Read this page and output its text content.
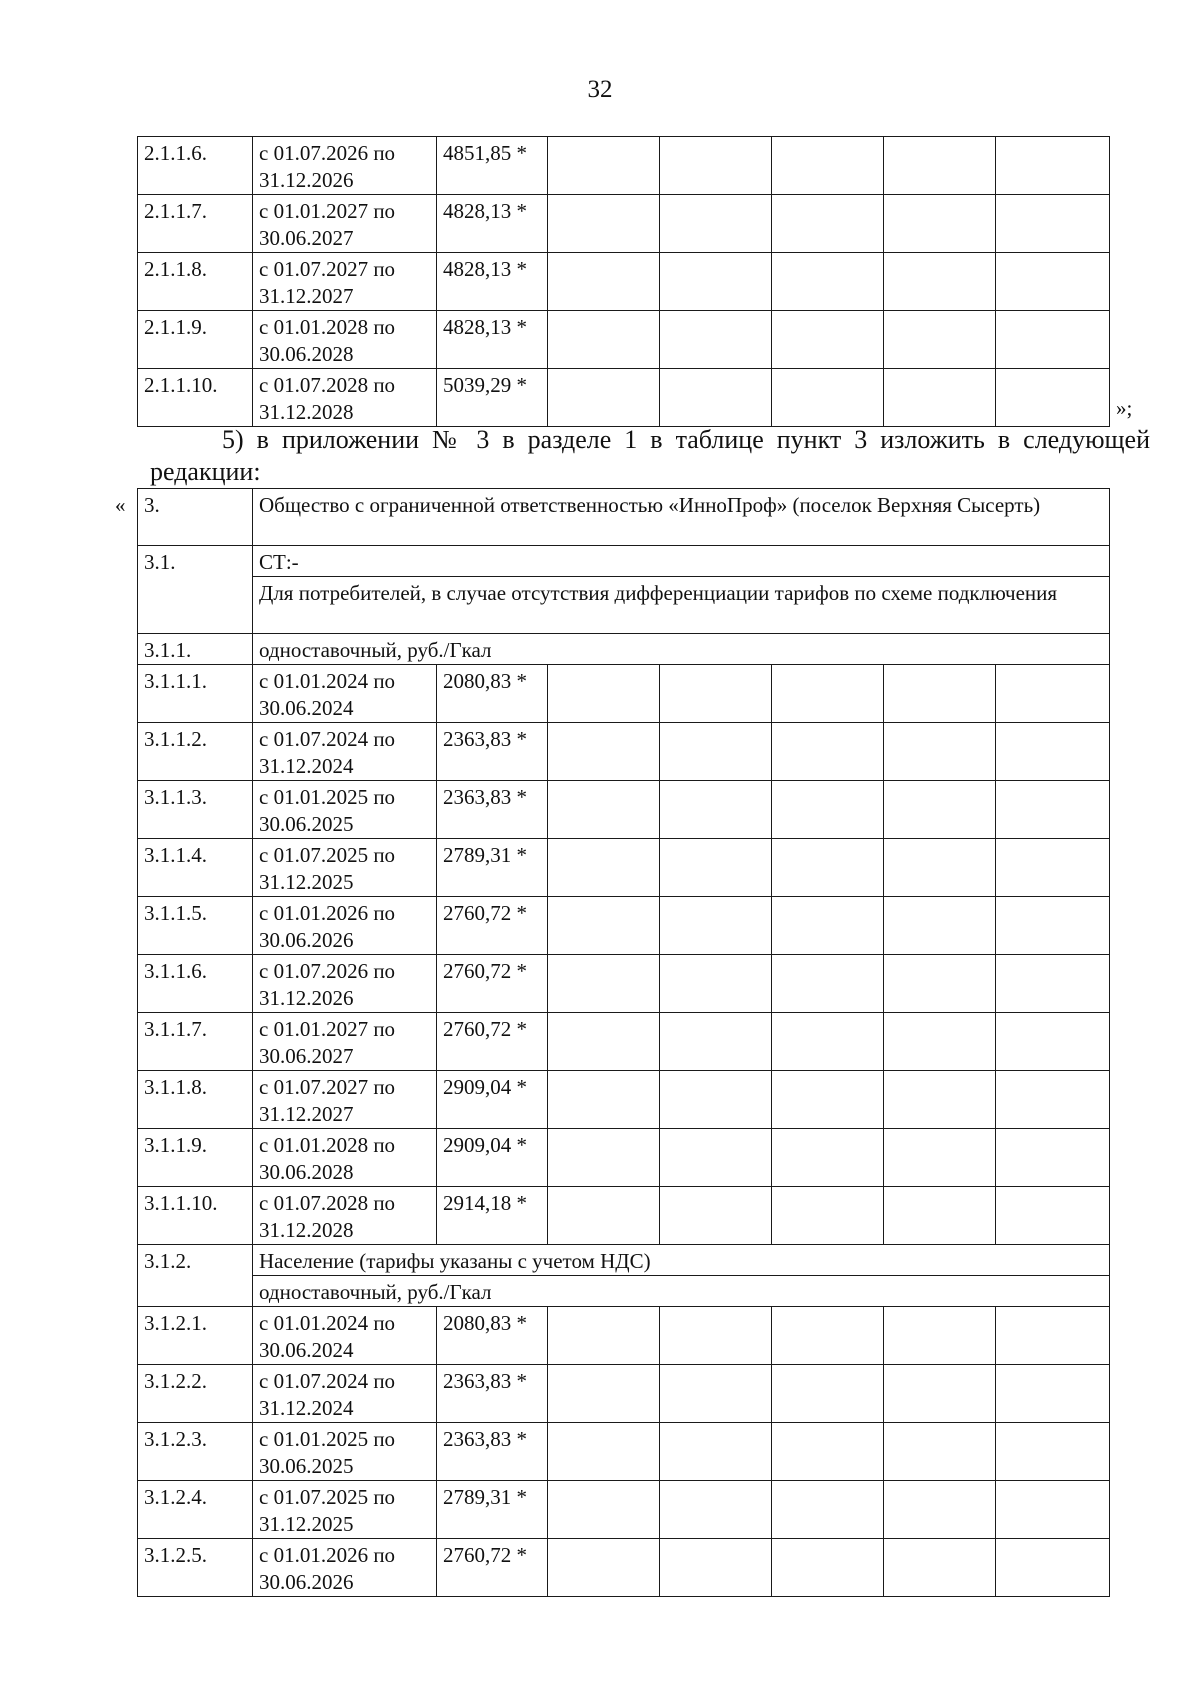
32
2.1.1.6.	с 01.07.2026 по 31.12.2026	4851,85 *					
2.1.1.7.	с 01.01.2027 по 30.06.2027	4828,13 *					
2.1.1.8.	с 01.07.2027 по 31.12.2027	4828,13 *					
2.1.1.9.	с 01.01.2028 по 30.06.2028	4828,13 *					
2.1.1.10.	с 01.07.2028 по 31.12.2028	5039,29 *					
»;
5) в приложении № 3 в разделе 1 в таблице пункт 3 изложить в следующей редакции:
« 3.	Общество с ограниченной ответственностью «ИнноПроф» (поселок Верхняя Сысерть)						
3.1.	СТ:-						
	Для потребителей, в случае отсутствия дифференциации тарифов по схеме подключения						
3.1.1.	одноставочный, руб./Гкал						
3.1.1.1.	с 01.01.2024 по 30.06.2024	2080,83 *					
3.1.1.2.	с 01.07.2024 по 31.12.2024	2363,83 *					
3.1.1.3.	с 01.01.2025 по 30.06.2025	2363,83 *					
3.1.1.4.	с 01.07.2025 по 31.12.2025	2789,31 *					
3.1.1.5.	с 01.01.2026 по 30.06.2026	2760,72 *					
3.1.1.6.	с 01.07.2026 по 31.12.2026	2760,72 *					
3.1.1.7.	с 01.01.2027 по 30.06.2027	2760,72 *					
3.1.1.8.	с 01.07.2027 по 31.12.2027	2909,04 *					
3.1.1.9.	с 01.01.2028 по 30.06.2028	2909,04 *					
3.1.1.10.	с 01.07.2028 по 31.12.2028	2914,18 *					
3.1.2.	Население (тарифы указаны с учетом НДС)						
	одноставочный, руб./Гкал						
3.1.2.1.	с 01.01.2024 по 30.06.2024	2080,83 *					
3.1.2.2.	с 01.07.2024 по 31.12.2024	2363,83 *					
3.1.2.3.	с 01.01.2025 по 30.06.2025	2363,83 *					
3.1.2.4.	с 01.07.2025 по 31.12.2025	2789,31 *					
3.1.2.5.	с 01.01.2026 по 30.06.2026	2760,72 *					
